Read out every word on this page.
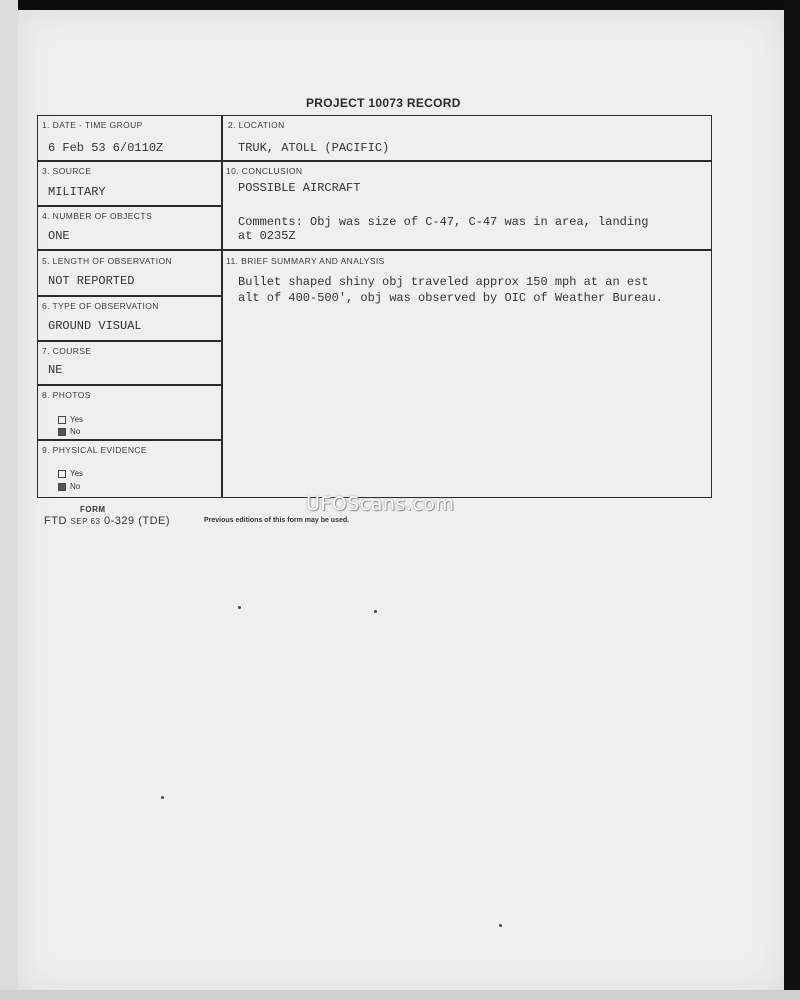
PROJECT 10073 RECORD
1. DATE - TIME GROUP
6 Feb 53 6/0110Z
2. LOCATION
TRUK, ATOLL (PACIFIC)
3. SOURCE
MILITARY
10. CONCLUSION
POSSIBLE AIRCRAFT
Comments: Obj was size of C-47, C-47 was in area, landing
at 0235Z
4. NUMBER OF OBJECTS
ONE
5. LENGTH OF OBSERVATION
NOT REPORTED
11. BRIEF SUMMARY AND ANALYSIS
Bullet shaped shiny obj traveled approx 150 mph at an est
alt of 400-500', obj was observed by OIC of Weather Bureau.
6. TYPE OF OBSERVATION
GROUND VISUAL
7. COURSE
NE
8. PHOTOS
Yes
No
9. PHYSICAL EVIDENCE
Yes
No
UFOScans.com
FORM
FTD SEP 63 0-329 (TDE)	Previous editions of this form may be used.
